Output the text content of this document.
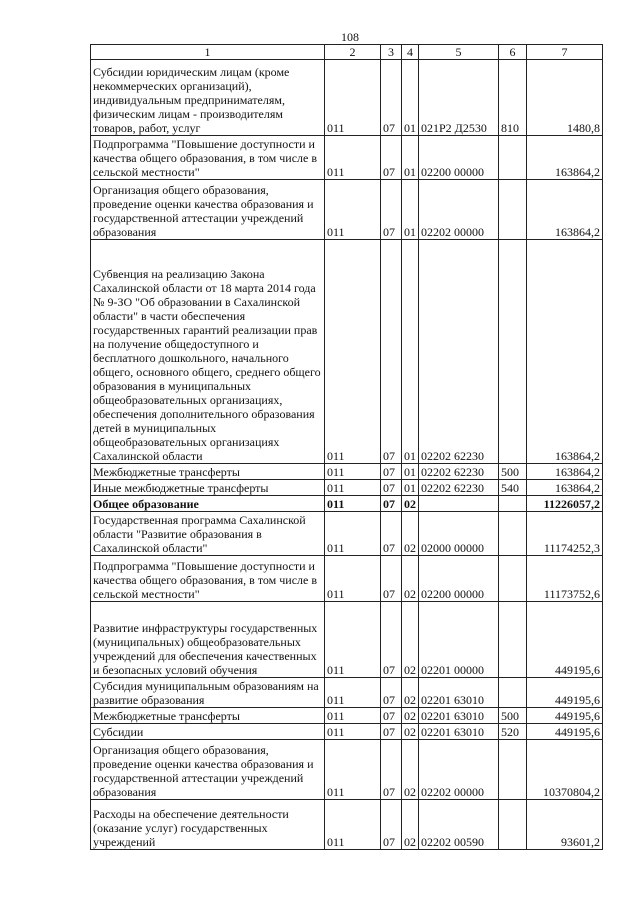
108
1	2	3	4	5	6	7
Субсидии юридическим лицам (кроме некоммерческих организаций), индивидуальным предпринимателям, физическим лицам - производителям товаров, работ, услуг	011	07	01	021Р2 Д2530	810	1480,8
Подпрограмма "Повышение доступности и качества общего образования, в том числе в сельской местности"	011	07	01	02200 00000		163864,2
Организация общего образования, проведение оценки качества образования и государственной аттестации учреждений образования	011	07	01	02202 00000		163864,2
Субвенция на реализацию Закона Сахалинской области от 18 марта 2014 года № 9-ЗО "Об образовании в Сахалинской области" в части обеспечения государственных гарантий реализации прав на получение общедоступного и бесплатного дошкольного, начального общего, основного общего, среднего общего образования в муниципальных общеобразовательных организациях, обеспечения дополнительного образования детей в муниципальных общеобразовательных организациях Сахалинской области	011	07	01	02202 62230		163864,2
Межбюджетные трансферты	011	07	01	02202 62230	500	163864,2
Иные межбюджетные трансферты	011	07	01	02202 62230	540	163864,2
Общее образование	011	07	02			11226057,2
Государственная программа Сахалинской области "Развитие образования в Сахалинской области"	011	07	02	02000 00000		11174252,3
Подпрограмма "Повышение доступности и качества общего образования, в том числе в сельской местности"	011	07	02	02200 00000		11173752,6
Развитие инфраструктуры государственных (муниципальных) общеобразовательных учреждений для обеспечения качественных и безопасных условий обучения	011	07	02	02201 00000		449195,6
Субсидия муниципальным образованиям на развитие образования	011	07	02	02201 63010		449195,6
Межбюджетные трансферты	011	07	02	02201 63010	500	449195,6
Субсидии	011	07	02	02201 63010	520	449195,6
Организация общего образования, проведение оценки качества образования и государственной аттестации учреждений образования	011	07	02	02202 00000		10370804,2
Расходы на обеспечение деятельности (оказание услуг) государственных учреждений	011	07	02	02202 00590		93601,2
